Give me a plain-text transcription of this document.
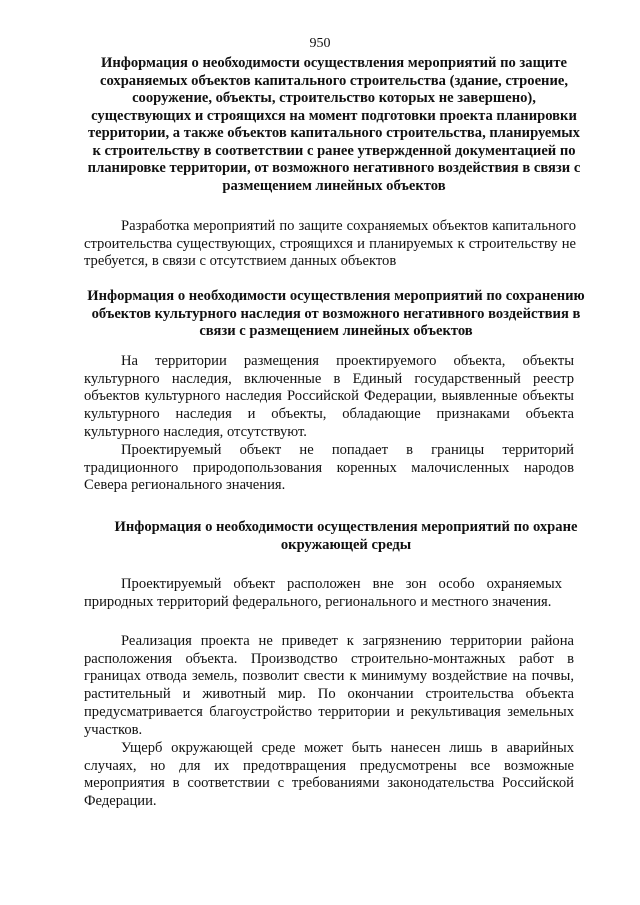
950
Информация о необходимости осуществления мероприятий по защите сохраняемых объектов капитального строительства (здание, строение, сооружение, объекты, строительство которых не завершено), существующих и строящихся на момент подготовки проекта планировки территории, а также объектов капитального строительства, планируемых к строительству в соответствии с ранее утвержденной документацией по планировке территории, от возможного негативного воздействия в связи с размещением линейных объектов

Разработка мероприятий по защите сохраняемых объектов капитального строительства существующих, строящихся и планируемых к строительству не требуется, в связи с отсутствием данных объектов

Информация о необходимости осуществления мероприятий по сохранению объектов культурного наследия от возможного негативного воздействия в связи с размещением линейных объектов

На территории размещения проектируемого объекта, объекты культурного наследия, включенные в Единый государственный реестр объектов культурного наследия Российской Федерации, выявленные объекты культурного наследия и объекты, обладающие признаками объекта культурного наследия, отсутствуют.

Проектируемый объект не попадает в границы территорий традиционного природопользования коренных малочисленных народов Севера регионального значения.

Информация о необходимости осуществления мероприятий по охране окружающей среды

Проектируемый объект расположен вне зон особо охраняемых природных территорий федерального, регионального и местного значения.

Реализация проекта не приведет к загрязнению территории района расположения объекта. Производство строительно-монтажных работ в границах отвода земель, позволит свести к минимуму воздействие на почвы, растительный и животный мир. По окончании строительства объекта предусматривается благоустройство территории и рекультивация земельных участков.

Ущерб окружающей среде может быть нанесен лишь в аварийных случаях, но для их предотвращения предусмотрены все возможные мероприятия в соответствии с требованиями законодательства Российской Федерации.
